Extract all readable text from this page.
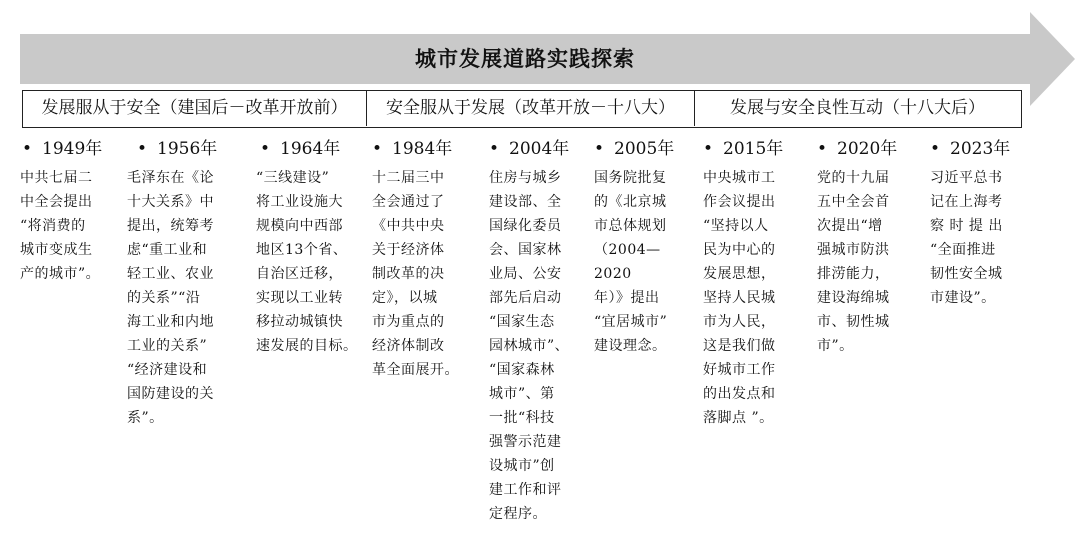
城市发展道路实践探索
发展服从于安全（建国后－改革开放前）	安全服从于发展（改革开放－十八大）	发展与安全良性互动（十八大后）
• 1949年
中共七届二
中全会提出
“将消费的
城市变成生
产的城市”。
• 1956年
毛泽东在《论
十大关系》中
提出，统筹考
虑“重工业和
轻工业、农业
的关系”“沿
海工业和内地
工业的关系”
“经济建设和
国防建设的关
系”。
• 1964年
“三线建设”
将工业设施大
规模向中西部
地区13个省、
自治区迁移，
实现以工业转
移拉动城镇快
速发展的目标。
• 1984年
十二届三中
全会通过了
《中共中央
关于经济体
制改革的决
定》，以城
市为重点的
经济体制改
革全面展开。
• 2004年
住房与城乡
建设部、全
国绿化委员
会、国家林
业局、公安
部先后启动
“国家生态
园林城市”、
“国家森林
城市”、第
一批“科技
强警示范建
设城市”创
建工作和评
定程序。
• 2005年
国务院批复
的《北京城
市总体规划
（2004—2020
年）》提出
“宜居城市”
建设理念。
• 2015年
中央城市工
作会议提出
“坚持以人
民为中心的
发展思想，
坚持人民城
市为人民，
这是我们做
好城市工作
的出发点和
落脚点 ”。
• 2020年
党的十九届
五中全会首
次提出“增
强城市防洪
排涝能力，
建设海绵城
市、韧性城
市”。
• 2023年
习近平总书
记在上海考
察 时 提 出
“全面推进
韧性安全城
市建设”。
